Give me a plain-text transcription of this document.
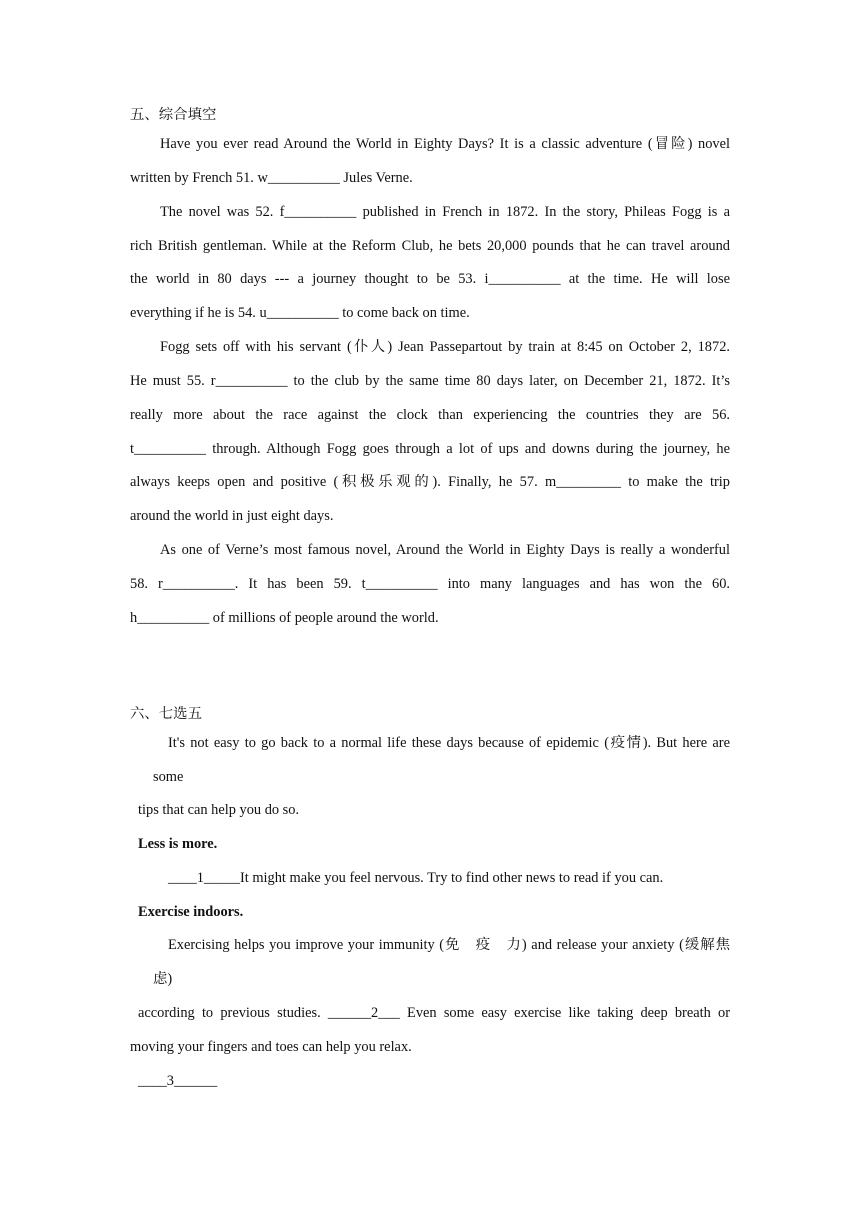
五、综合填空
Have you ever read Around the World in Eighty Days? It is a classic adventure (冒险) novel
written by French 51. w__________ Jules Verne.
The novel was 52. f__________ published in French in 1872. In the story, Phileas Fogg is a
rich British gentleman. While at the Reform Club, he bets 20,000 pounds that he can travel around
the world in 80 days --- a journey thought to be 53. i__________ at the time. He will lose
everything if he is 54. u__________ to come back on time.
Fogg sets off with his servant (仆人) Jean Passepartout by train at 8:45 on October 2, 1872.
He must 55. r__________ to the club by the same time 80 days later, on December 21, 1872. It’s
really more about the race against the clock than experiencing the countries they are 56.
t__________ through. Although Fogg goes through a lot of ups and downs during the journey, he
always keeps open and positive (积极乐观的). Finally, he 57. m_________ to make the trip
around the world in just eight days.
As one of Verne’s most famous novel, Around the World in Eighty Days is really a wonderful
58. r__________. It has been 59. t__________ into many languages and has won the 60.
h__________ of millions of people around the world.
六、七选五
It's not easy to go back to a normal life these days because of epidemic (疫情). But here are
some
tips that can help you do so.
Less is more.
____1_____It might make you feel nervous. Try to find other news to read if you can.
Exercise indoors.
Exercising helps you improve your immunity (免　疫　力) and release your anxiety (缓解焦
虑)
according to previous studies. ______2___ Even some easy exercise like taking deep breath or
moving your fingers and toes can help you relax.
____3______
